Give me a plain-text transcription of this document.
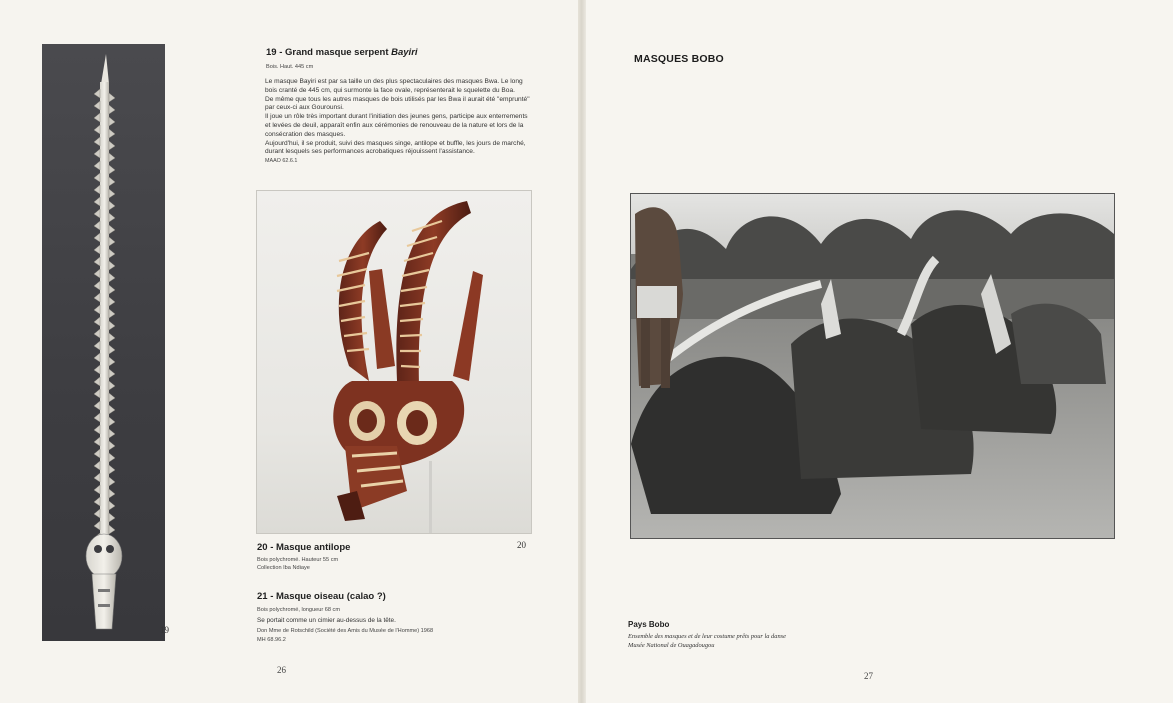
19
19 - Grand masque serpent Bayiri
Bois. Haut. 445 cm

Le masque Bayiri est par sa taille un des plus spectaculaires des masques Bwa. Le long bois cranté de 445 cm, qui surmonte la face ovale, représenterait le squelette du Boa.

De même que tous les autres masques de bois utilisés par les Bwa il aurait été "emprunté" par ceux-ci aux Gourounsi.

Il joue un rôle très important durant l'initiation des jeunes gens, participe aux enterrements et levées de deuil, apparaît enfin aux cérémonies de renouveau de la nature et lors de la consécration des masques.

Aujourd'hui, il se produit, suivi des masques singe, antilope et buffle, les jours de marché, durant lesquels ses performances acrobatiques réjouissent l'assistance.

MAAO 62.6.1

20
20 - Masque antilope
Bois polychromé. Hauteur 55 cm
Collection Iba Ndiaye
21 - Masque oiseau (calao ?)
Bois polychromé, longueur 68 cm
Se portait comme un cimier au-dessus de la tête.
Don Mme de Rotschild (Société des Amis du Musée de l'Homme) 1968
MH 68.96.2
26
MASQUES BOBO
Pays Bobo
Ensemble des masques et de leur costume prêts pour la danse
Musée National de Ouagadougou
27
